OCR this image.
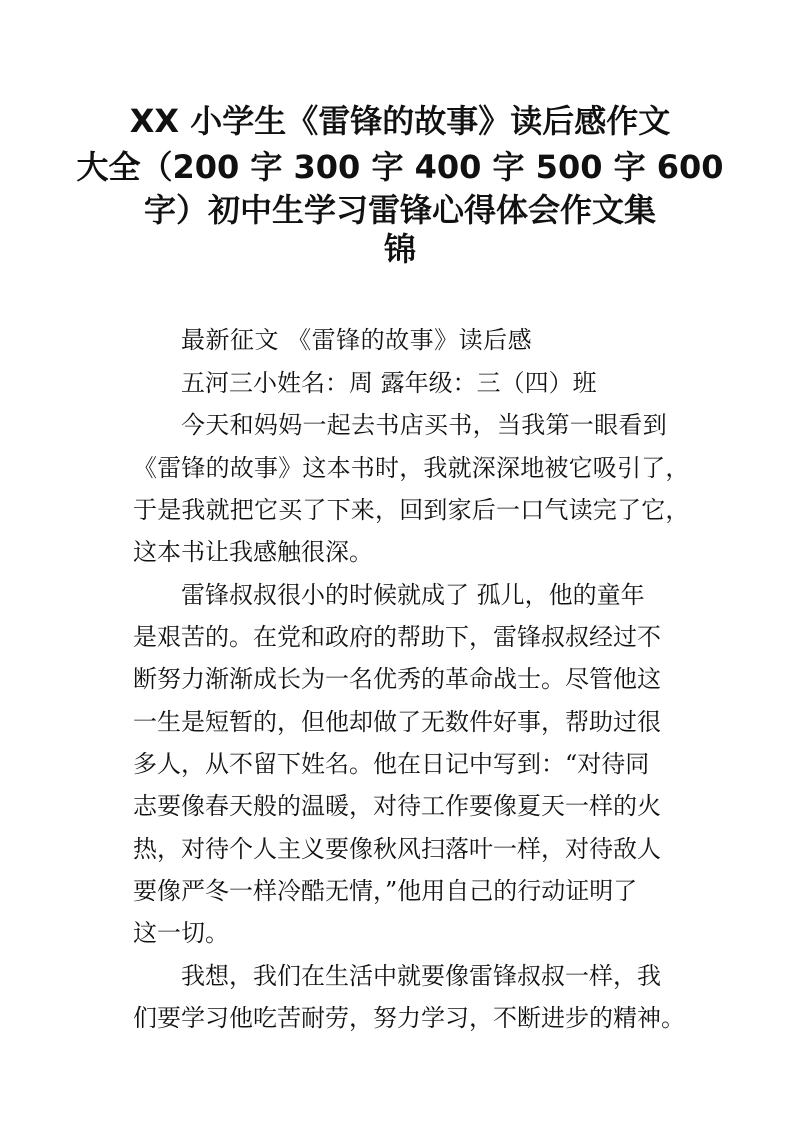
XX 小学生《雷锋的故事》读后感作文
大全（200 字 300 字 400 字 500 字 600
字）初中生学习雷锋心得体会作文集
锦
最新征文 《雷锋的故事》读后感
五河三小姓名：周 露年级：三（四）班
今天和妈妈一起去书店买书，当我第一眼看到
《雷锋的故事》这本书时，我就深深地被它吸引了，
于是我就把它买了下来，回到家后一口气读完了它，
这本书让我感触很深。
雷锋叔叔很小的时候就成了 孤儿，他的童年
是艰苦的。在党和政府的帮助下，雷锋叔叔经过不
断努力渐渐成长为一名优秀的革命战士。尽管他这
一生是短暂的，但他却做了无数件好事，帮助过很
多人，从不留下姓名。他在日记中写到：“对待同
志要像春天般的温暖，对待工作要像夏天一样的火
热，对待个人主义要像秋风扫落叶一样，对待敌人
要像严冬一样冷酷无情，”他用自己的行动证明了
这一切。
我想，我们在生活中就要像雷锋叔叔一样，我
们要学习他吃苦耐劳，努力学习，不断进步的精神。
